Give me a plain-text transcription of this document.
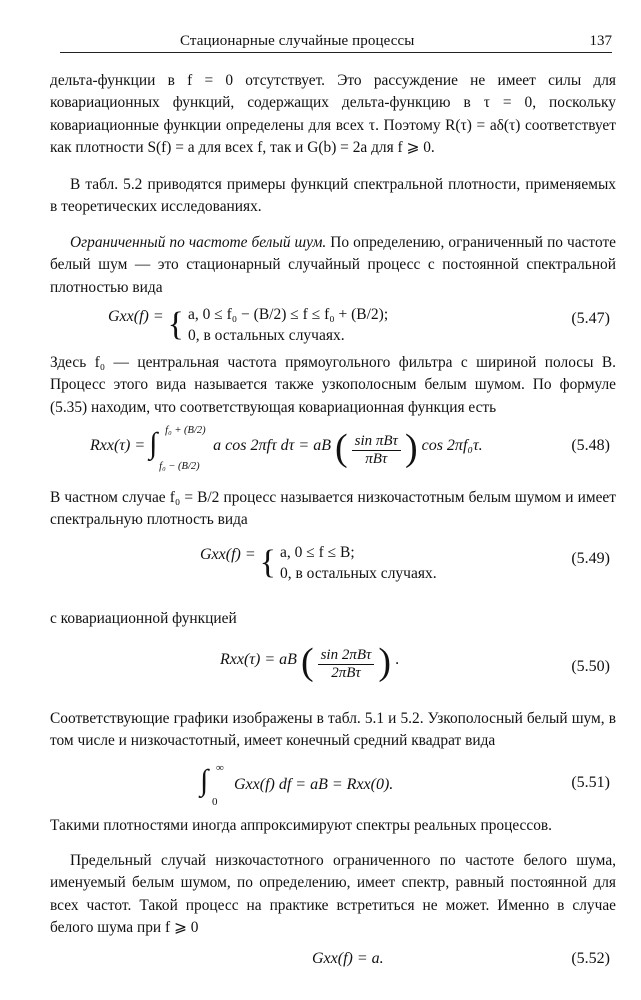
Стационарные случайные процессы	137

дельта-функции в f = 0 отсутствует. Это рассуждение не имеет силы для ковариационных функций, содержащих дельта-функцию в τ = 0, поскольку ковариационные функции определены для всех τ. Поэтому R(τ) = aδ(τ) соответствует как плотности S(f) = a для всех f, так и G(b) = 2a для f ⩾ 0.

В табл. 5.2 приводятся примеры функций спектральной плотности, применяемых в теоретических исследованиях.

Ограниченный по частоте белый шум. По определению, ограниченный по частоте белый шум — это стационарный случайный процесс с постоянной спектральной плотностью вида

Gxx(f) = { a, 0 ≤ f₀ − (B/2) ≤ f ≤ f₀ + (B/2);
0, в остальных случаях.
(5.47)

Здесь f₀ — центральная частота прямоугольного фильтра с шириной полосы B. Процесс этого вида называется также узкополосным белым шумом. По формуле (5.35) находим, что соответствующая ковариационная функция есть

Rxx(τ) = ∫ f₀ + (B/2)
f₀ − (B/2)
a cos 2πfτ dτ = aB ( $\frac{\text{sin πBτ}}{\text{πBτ}}$ ) cos 2πf₀τ.	(5.48)

В частном случае f₀ = B/2 процесс называется низкочастотным белым шумом и имеет спектральную плотность вида

Gxx(f) = { a, 0 ≤ f ≤ B;
0, в остальных случаях.
(5.49)

с ковариационной функцией

Rxx(τ) = aB ( $\frac{\text{sin 2πBτ}}{\text{2πBτ}}$ ) .	(5.50)

Соответствующие графики изображены в табл. 5.1 и 5.2. Узкополосный белый шум, в том числе и низкочастотный, имеет конечный средний квадрат вида

∫ ∞
0
Gxx(f) df = aB = Rxx(0).	(5.51)

Такими плотностями иногда аппроксимируют спектры реальных процессов.

Предельный случай низкочастотного ограниченного по частоте белого шума, именуемый белым шумом, по определению, имеет спектр, равный постоянной для всех частот. Такой процесс на практике встретиться не может. Именно в случае белого шума при f ⩾ 0

Gxx(f) = a.	(5.52)
